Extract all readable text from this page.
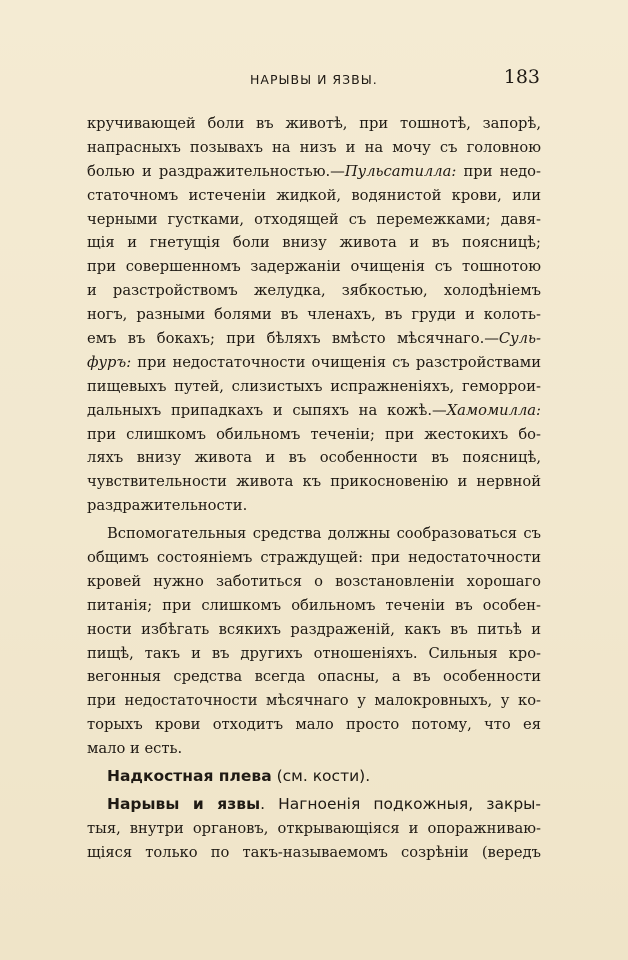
НАРЫВЫ И ЯЗВЫ.	183
кручивающей боли въ животѣ, при тошнотѣ, запорѣ,
напрасныхъ позывахъ на низъ и на мочу съ головною
болью и раздражительностью.—Пульсатилла: при недо-
статочномъ истеченіи жидкой, водянистой крови, или
черными густками, отходящей съ перемежками; давя-
щія и гнетущія боли внизу живота и въ поясницѣ;
при совершенномъ задержаніи очищенія съ тошнотою
и разстройствомъ желудка, зябкостью, холодѣніемъ
ногъ, разными болями въ членахъ, въ груди и колоть-
емъ въ бокахъ; при бѣляхъ вмѣсто мѣсячнаго.—Суль-
фуръ: при недостаточности очищенія съ разстройствами
пищевыхъ путей, слизистыхъ испражненіяхъ, геморрои-
дальныхъ припадкахъ и сыпяхъ на кожѣ.—Хамомилла:
при слишкомъ обильномъ теченіи; при жестокихъ бо-
ляхъ внизу живота и въ особенности въ поясницѣ,
чувствительности живота къ прикосновенію и нервной
раздражительности.
Вспомогательныя средства должны сообразоваться съ
общимъ состояніемъ страждущей: при недостаточности
кровей нужно заботиться о возстановленіи хорошаго
питанія; при слишкомъ обильномъ теченіи въ особен-
ности избѣгать всякихъ раздраженій, какъ въ питьѣ и
пищѣ, такъ и въ другихъ отношеніяхъ. Сильныя кро-
вегонныя средства всегда опасны, а въ особенности
при недостаточности мѣсячнаго у малокровныхъ, у ко-
торыхъ крови отходитъ мало просто потому, что ея
мало и есть.
Надкостная плева (см. кости).
Нарывы и язвы. Нагноенія подкожныя, закры-
тыя, внутри органовъ, открывающіяся и опоражниваю-
щіяся только по такъ-называемомъ созрѣніи (вередъ
